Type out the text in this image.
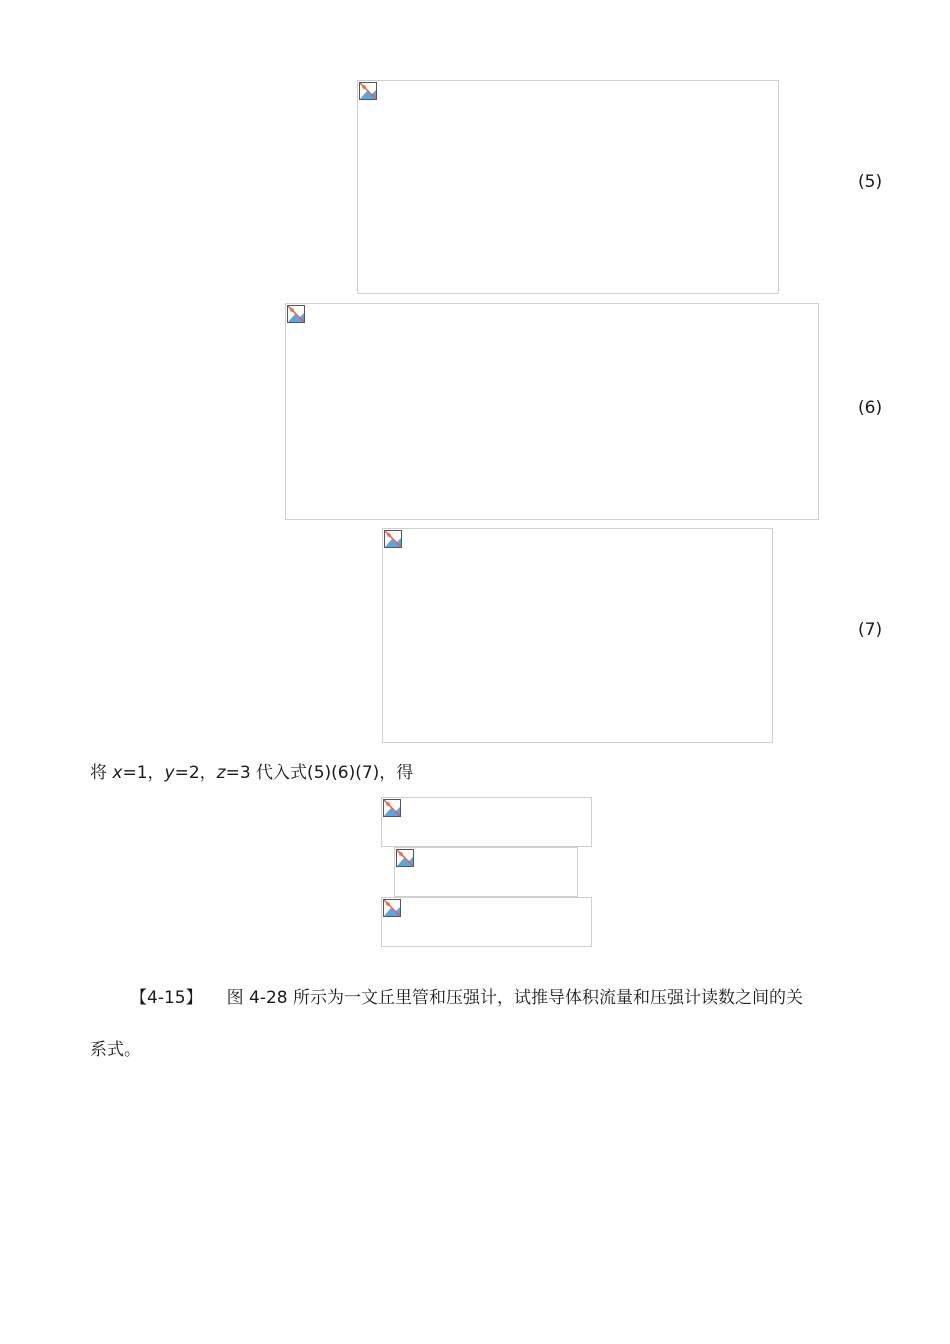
(5)
(6)
(7)
将 x=1，y=2，z=3 代入式(5)(6)(7)，得
【4-15】 图 4-28 所示为一文丘里管和压强计，试推导体积流量和压强计读数之间的关
系式。
